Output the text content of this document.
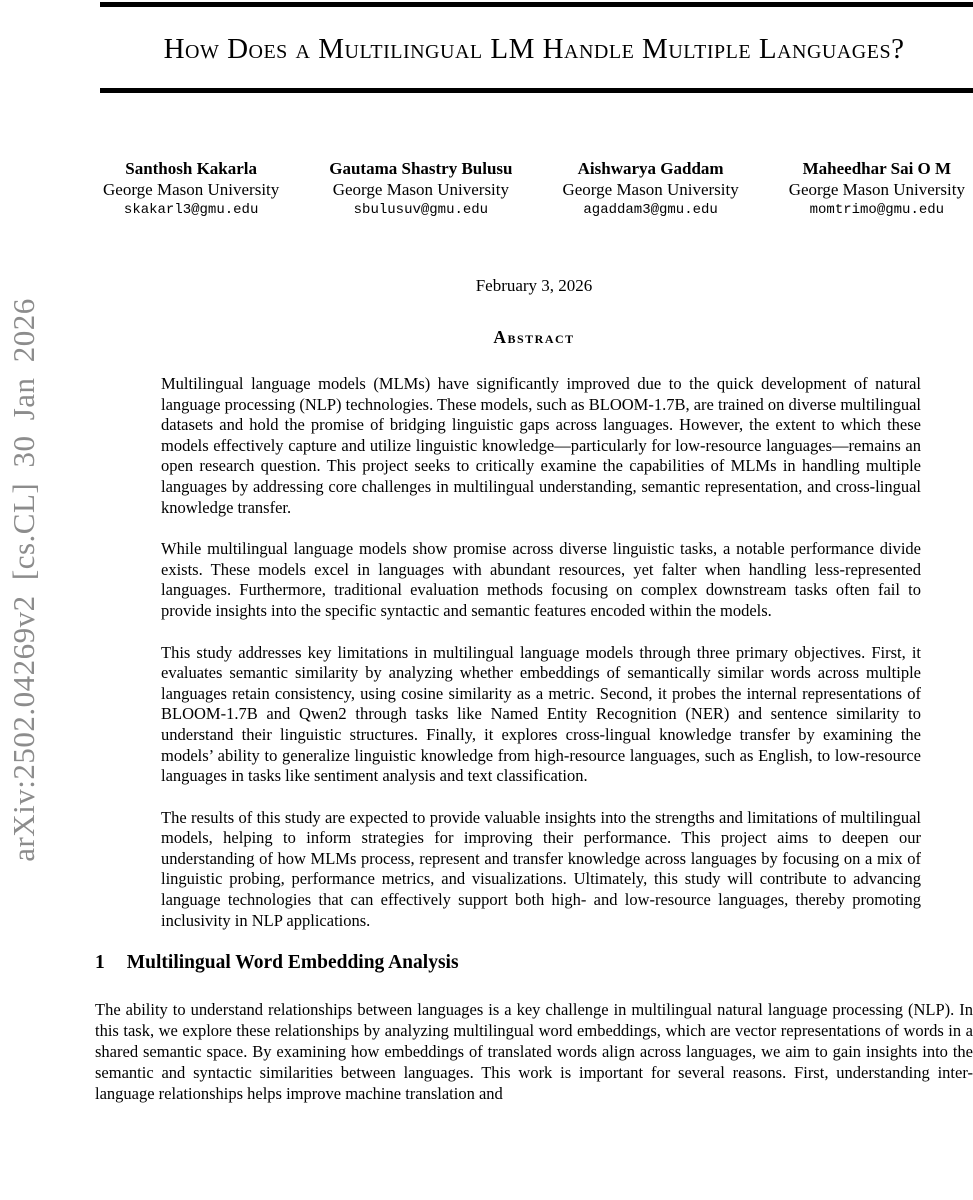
arXiv:2502.04269v2 [cs.CL] 30 Jan 2026
How Does a Multilingual LM Handle Multiple Languages?
Santhosh Kakarla
George Mason University
skakarl3@gmu.edu
Gautama Shastry Bulusu
George Mason University
sbulusuv@gmu.edu
Aishwarya Gaddam
George Mason University
agaddam3@gmu.edu
Maheedhar Sai O M
George Mason University
momtrimo@gmu.edu
February 3, 2026
Abstract

Multilingual language models (MLMs) have significantly improved due to the quick development of natural language processing (NLP) technologies. These models, such as BLOOM-1.7B, are trained on diverse multilingual datasets and hold the promise of bridging linguistic gaps across languages. However, the extent to which these models effectively capture and utilize linguistic knowledge—particularly for low-resource languages—remains an open research question. This project seeks to critically examine the capabilities of MLMs in handling multiple languages by addressing core challenges in multilingual understanding, semantic representation, and cross-lingual knowledge transfer.

While multilingual language models show promise across diverse linguistic tasks, a notable performance divide exists. These models excel in languages with abundant resources, yet falter when handling less-represented languages. Furthermore, traditional evaluation methods focusing on complex downstream tasks often fail to provide insights into the specific syntactic and semantic features encoded within the models.

This study addresses key limitations in multilingual language models through three primary objectives. First, it evaluates semantic similarity by analyzing whether embeddings of semantically similar words across multiple languages retain consistency, using cosine similarity as a metric. Second, it probes the internal representations of BLOOM-1.7B and Qwen2 through tasks like Named Entity Recognition (NER) and sentence similarity to understand their linguistic structures. Finally, it explores cross-lingual knowledge transfer by examining the models’ ability to generalize linguistic knowledge from high-resource languages, such as English, to low-resource languages in tasks like sentiment analysis and text classification.

The results of this study are expected to provide valuable insights into the strengths and limitations of multilingual models, helping to inform strategies for improving their performance. This project aims to deepen our understanding of how MLMs process, represent and transfer knowledge across languages by focusing on a mix of linguistic probing, performance metrics, and visualizations. Ultimately, this study will contribute to advancing language technologies that can effectively support both high- and low-resource languages, thereby promoting inclusivity in NLP applications.

1 Multilingual Word Embedding Analysis

The ability to understand relationships between languages is a key challenge in multilingual natural language processing (NLP). In this task, we explore these relationships by analyzing multilingual word embeddings, which are vector representations of words in a shared semantic space. By examining how embeddings of translated words align across languages, we aim to gain insights into the semantic and syntactic similarities between languages. This work is important for several reasons. First, understanding inter-language relationships helps improve machine translation and
